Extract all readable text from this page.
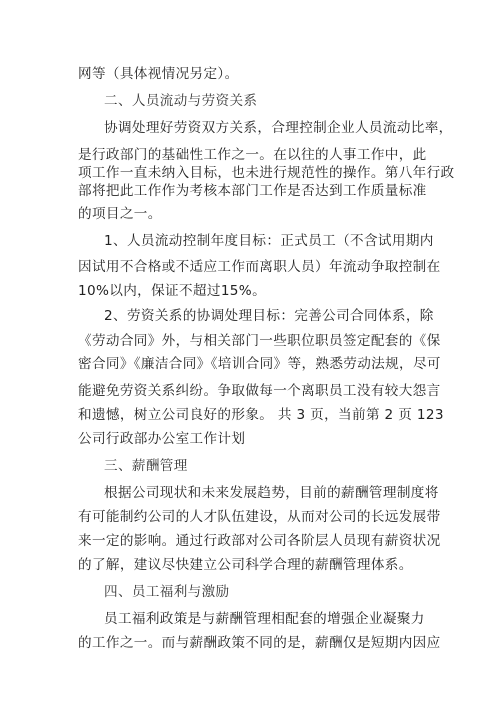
网等（具体视情况另定）。
二、人员流动与劳资关系
协调处理好劳资双方关系，合理控制企业人员流动比率，
是行政部门的基础性工作之一。在以往的人事工作中，此
项工作一直未纳入目标，也未进行规范性的操作。第八年行政
部将把此工作作为考核本部门工作是否达到工作质量标准
的项目之一。
1、人员流动控制年度目标：正式员工（不含试用期内
因试用不合格或不适应工作而离职人员）年流动争取控制在
10%以内，保证不超过15%。
2、劳资关系的协调处理目标：完善公司合同体系，除
《劳动合同》外，与相关部门一些职位职员签定配套的《保
密合同》《廉洁合同》《培训合同》等，熟悉劳动法规，尽可
能避免劳资关系纠纷。争取做每一个离职员工没有较大怨言
和遗憾，树立公司良好的形象。 共 3 页，当前第 2 页 123
公司行政部办公室工作计划
三、薪酬管理
根据公司现状和未来发展趋势，目前的薪酬管理制度将
有可能制约公司的人才队伍建设，从而对公司的长远发展带
来一定的影响。通过行政部对公司各阶层人员现有薪资状况
的了解，建议尽快建立公司科学合理的薪酬管理体系。
四、员工福利与激励
员工福利政策是与薪酬管理相配套的增强企业凝聚力
的工作之一。而与薪酬政策不同的是，薪酬仅是短期内因应
